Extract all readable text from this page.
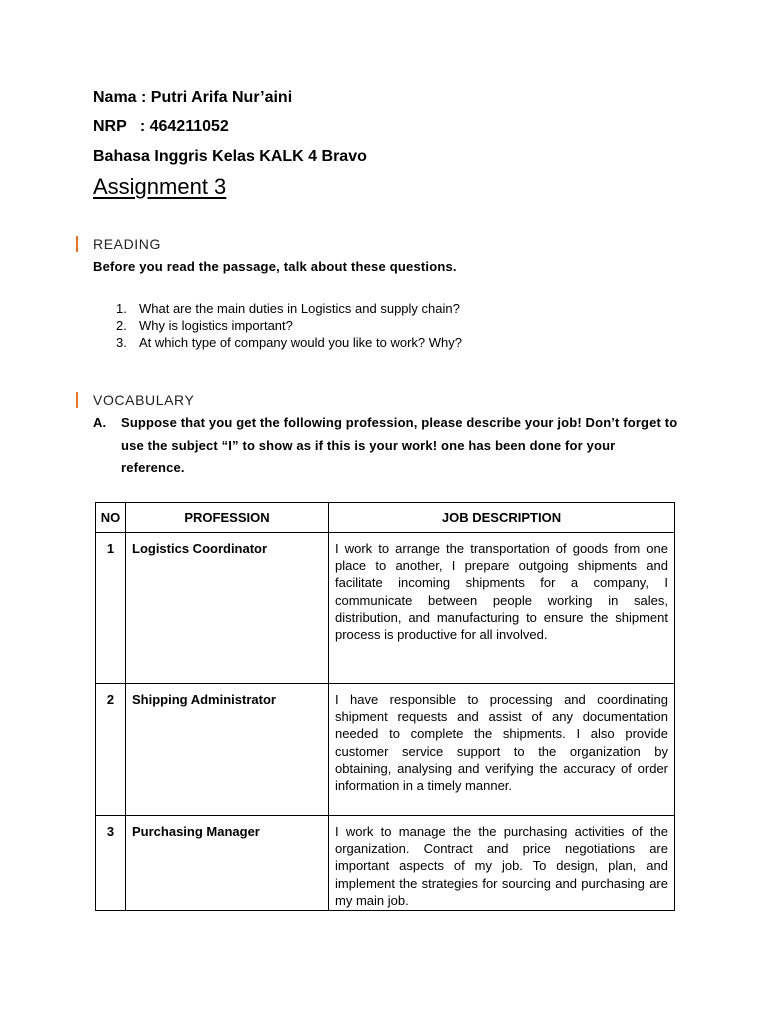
Nama : Putri Arifa Nur’aini
NRP   : 464211052
Bahasa Inggris Kelas KALK 4 Bravo
Assignment 3
READING
Before you read the passage, talk about these questions.
1. What are the main duties in Logistics and supply chain?
2. Why is logistics important?
3. At which type of company would you like to work? Why?
VOCABULARY
A.	Suppose that you get the following profession, please describe your job! Don’t forget to use the subject “I” to show as if this is your work! one has been done for your reference.
NO	PROFESSION	JOB DESCRIPTION
1	Logistics Coordinator	I work to arrange the transportation of goods from one place to another, I prepare outgoing shipments and facilitate incoming shipments for a company, I communicate between people working in sales, distribution, and manufacturing to ensure the shipment process is productive for all involved.
2	Shipping Administrator	I have responsible to processing and coordinating shipment requests and assist of any documentation needed to complete the shipments. I also provide customer service support to the organization by obtaining, analysing and verifying the accuracy of order information in a timely manner.
3	Purchasing Manager	I work to manage the the purchasing activities of the organization. Contract and price negotiations are important aspects of my job. To design, plan, and implement the strategies for sourcing and purchasing are my main job.
